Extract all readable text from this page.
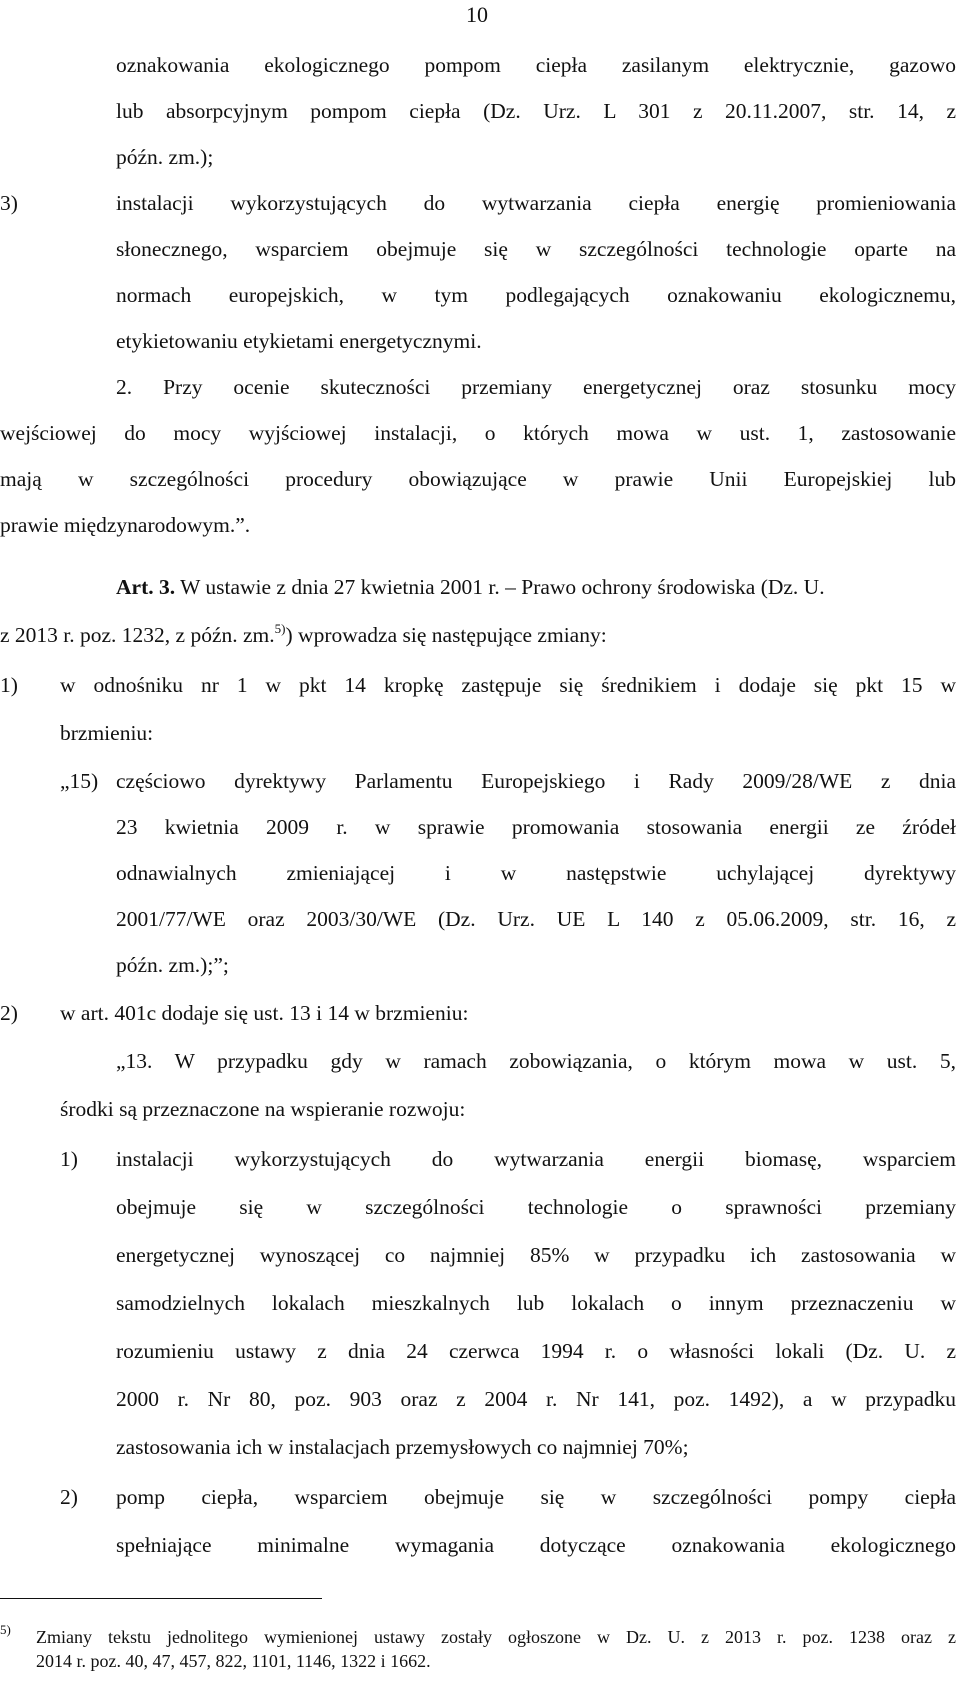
10
oznakowania ekologicznego pompom ciepła zasilanym elektrycznie, gazowo
lub absorpcyjnym pompom ciepła (Dz. Urz. L 301 z 20.11.2007, str. 14, z
późn. zm.);
3)	instalacji wykorzystujących do wytwarzania ciepła energię promieniowania
słonecznego, wsparciem obejmuje się w szczególności technologie oparte na
normach europejskich, w tym podlegających oznakowaniu ekologicznemu,
etykietowaniu etykietami energetycznymi.
2. Przy ocenie skuteczności przemiany energetycznej oraz stosunku mocy
wejściowej do mocy wyjściowej instalacji, o których mowa w ust. 1, zastosowanie
mają w szczególności procedury obowiązujące w prawie Unii Europejskiej lub
prawie międzynarodowym.”.
Art. 3. W ustawie z dnia 27 kwietnia 2001 r. – Prawo ochrony środowiska (Dz. U.
z 2013 r. poz. 1232, z późn. zm.$^{5)}$) wprowadza się następujące zmiany:
1) w odnośniku nr 1 w pkt 14 kropkę zastępuje się średnikiem i dodaje się pkt 15 w
brzmieniu:
„15) częściowo dyrektywy Parlamentu Europejskiego i Rady 2009/28/WE z dnia
23 kwietnia 2009 r. w sprawie promowania stosowania energii ze źródeł
odnawialnych zmieniającej i w następstwie uchylającej dyrektywy
2001/77/WE oraz 2003/30/WE (Dz. Urz. UE L 140 z 05.06.2009, str. 16, z
późn. zm.);”;
2) w art. 401c dodaje się ust. 13 i 14 w brzmieniu:
„13. W przypadku gdy w ramach zobowiązania, o którym mowa w ust. 5,
środki są przeznaczone na wspieranie rozwoju:
1) instalacji wykorzystujących do wytwarzania energii biomasę, wsparciem
obejmuje się w szczególności technologie o sprawności przemiany
energetycznej wynoszącej co najmniej 85% w przypadku ich zastosowania w
samodzielnych lokalach mieszkalnych lub lokalach o innym przeznaczeniu w
rozumieniu ustawy z dnia 24 czerwca 1994 r. o własności lokali (Dz. U. z
2000 r. Nr 80, poz. 903 oraz z 2004 r. Nr 141, poz. 1492), a w przypadku
zastosowania ich w instalacjach przemysłowych co najmniej 70%;
2) pomp ciepła, wsparciem obejmuje się w szczególności pompy ciepła
spełniające minimalne wymagania dotyczące oznakowania ekologicznego
5) Zmiany tekstu jednolitego wymienionej ustawy zostały ogłoszone w Dz. U. z 2013 r. poz. 1238 oraz z
2014 r. poz. 40, 47, 457, 822, 1101, 1146, 1322 i 1662.
